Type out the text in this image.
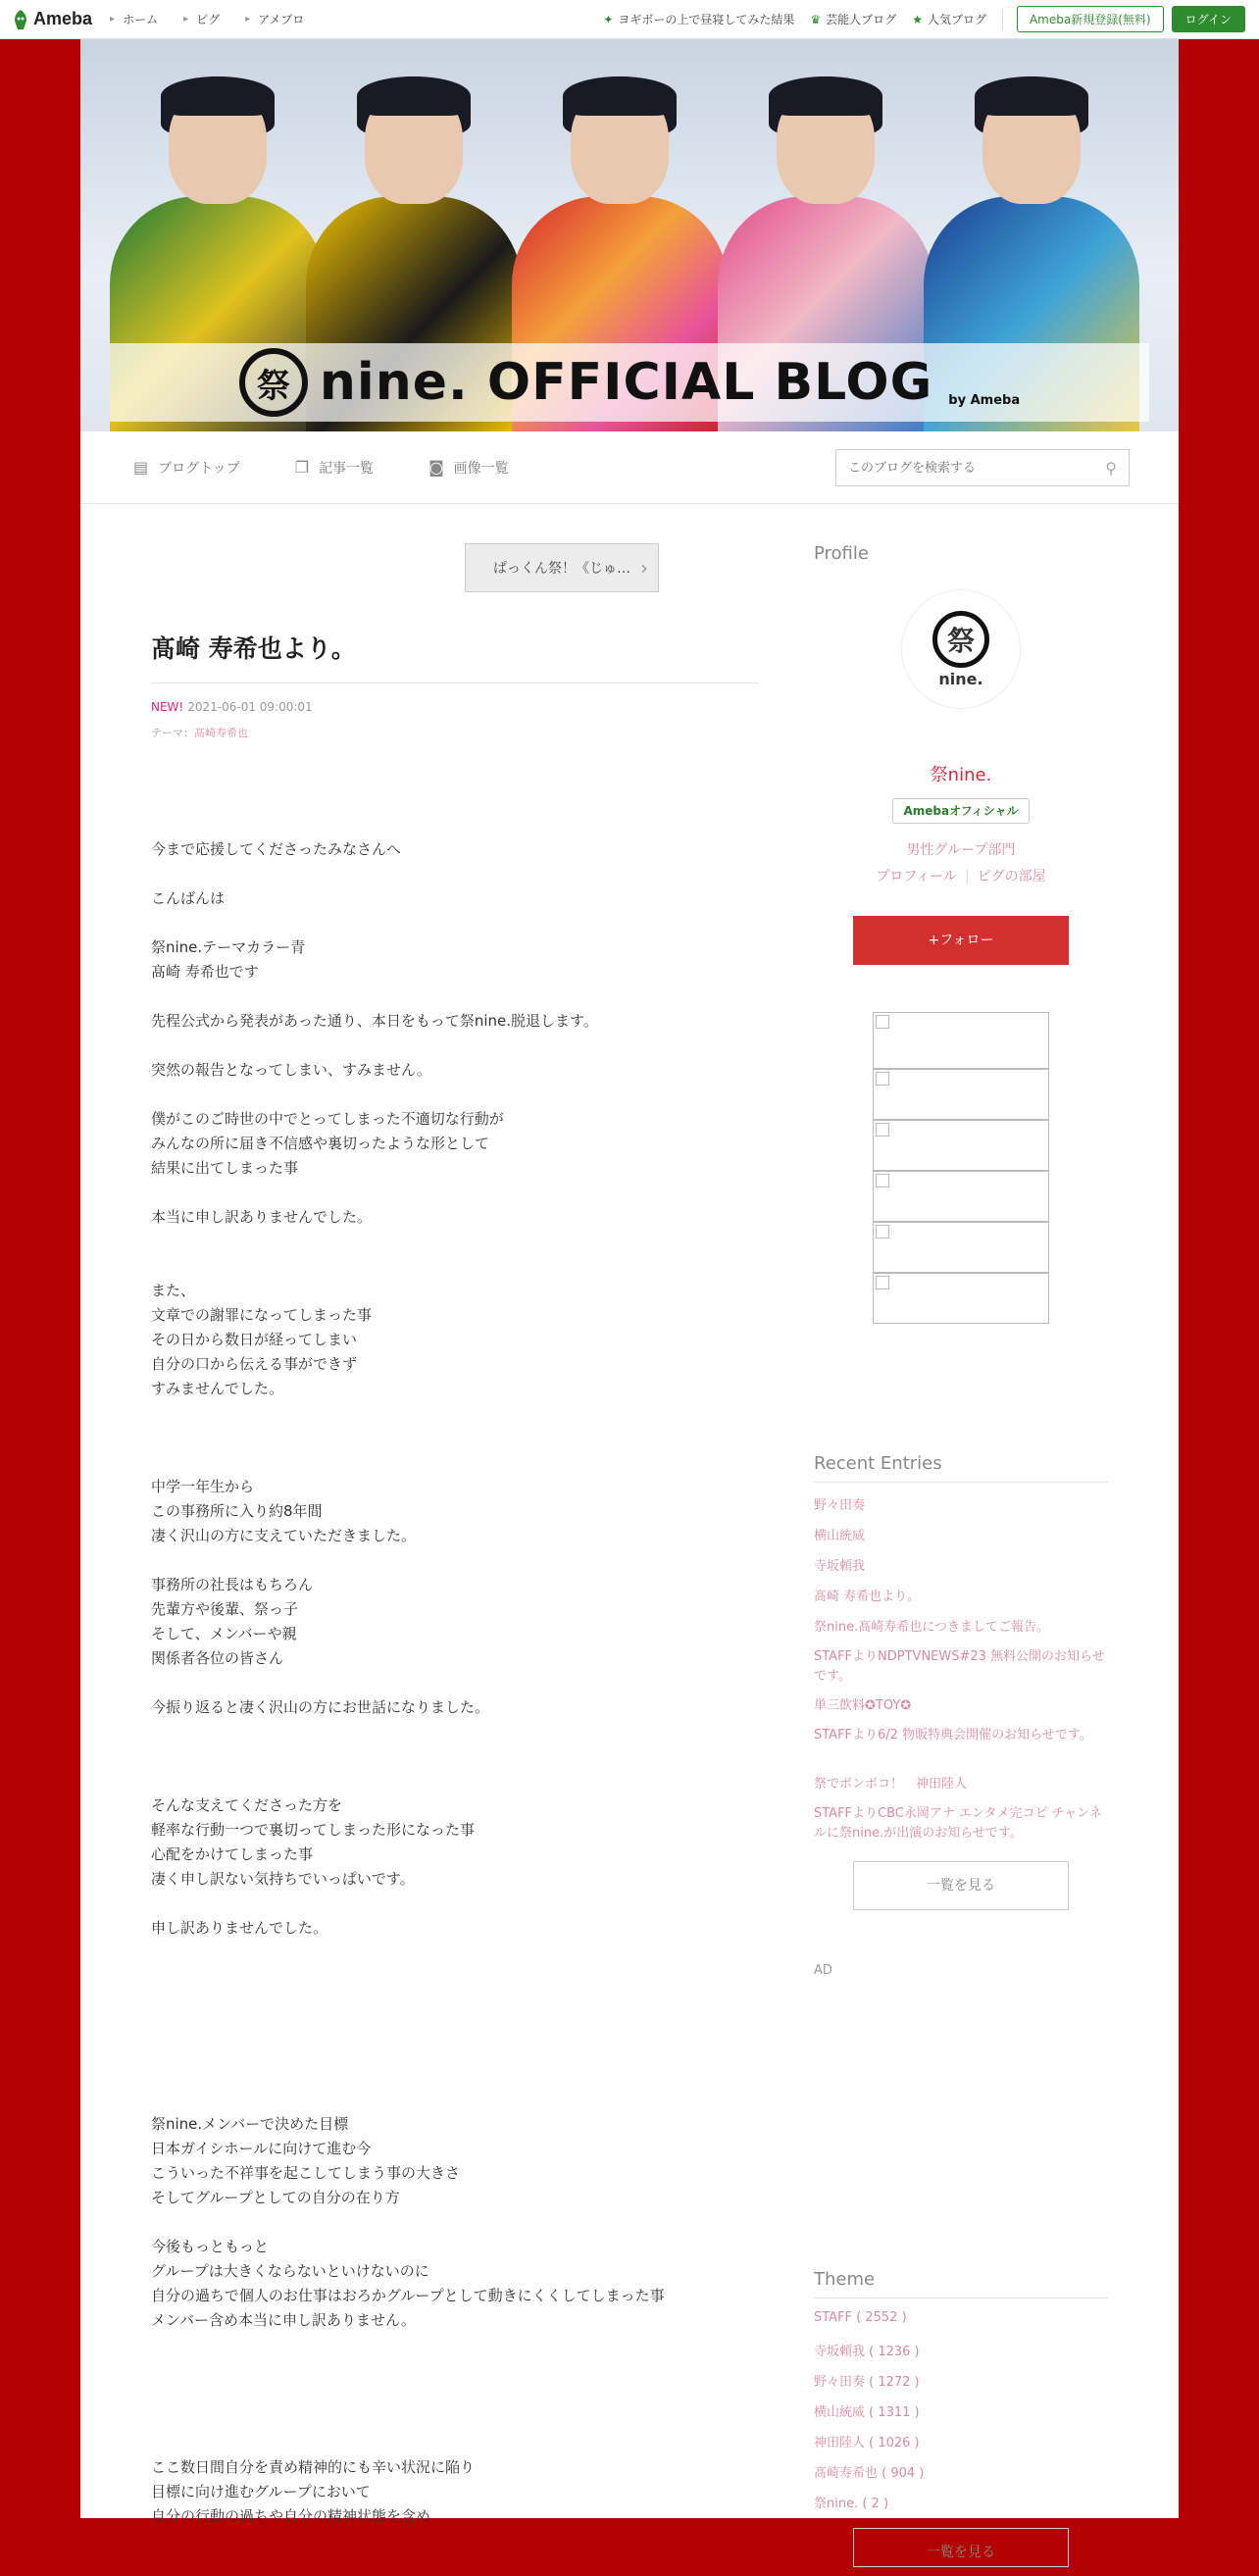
Ameba	▸ ホーム	▸ ピグ	▸ アメブロ	✦ ヨギボーの上で昼寝してみた結果 ♛ 芸能人ブログ ★ 人気ブログ	Ameba新規登録(無料)	ログイン
祭 nine. OFFICIAL BLOG by Ameba
▤ ブログトップ	❐ 記事一覧	◙ 画像一覧
このブログを検索する	⚲
ぱっくん祭！《じゅ… ›
髙崎 寿希也より。
NEW! 2021-06-01 09:00:01
テーマ：髙崎寿希也
今まで応援してくださったみなさんへ
こんばんは
祭nine.テーマカラー青
髙崎 寿希也です
先程公式から発表があった通り、本日をもって祭nine.脱退します。
突然の報告となってしまい、すみません。
僕がこのご時世の中でとってしまった不適切な行動が
みんなの所に届き不信感や裏切ったような形として
結果に出てしまった事
本当に申し訳ありませんでした。
また、
文章での謝罪になってしまった事
その日から数日が経ってしまい
自分の口から伝える事ができず
すみませんでした。
中学一年生から
この事務所に入り約8年間
凄く沢山の方に支えていただきました。
事務所の社長はもちろん
先輩方や後輩、祭っ子
そして、メンバーや親
関係者各位の皆さん
今振り返ると凄く沢山の方にお世話になりました。
そんな支えてくださった方を
軽率な行動一つで裏切ってしまった形になった事
心配をかけてしまった事
凄く申し訳ない気持ちでいっぱいです。
申し訳ありませんでした。
祭nine.メンバーで決めた目標
日本ガイシホールに向けて進む今
こういった不祥事を起こしてしまう事の大きさ
そしてグループとしての自分の在り方
今後もっともっと
グループは大きくならないといけないのに
自分の過ちで個人のお仕事はおろかグループとして動きにくくしてしまった事
メンバー含め本当に申し訳ありません。
ここ数日間自分を責め精神的にも辛い状況に陥り
目標に向け進むグループにおいて
自分の行動の過ちや自分の精神状態を含め
Profile
祭
nine.
祭nine.
Amebaオフィシャル
男性グループ部門
プロフィール | ピグの部屋
+フォロー
Recent Entries
野々田奏
横山統威
寺坂頼我
髙崎 寿希也より。
祭nine.髙崎寿希也につきましてご報告。
STAFFよりNDPTVNEWS#23 無料公開のお知らせです。
単三飲料✪TOY✪
STAFFより6/2 物販特典会開催のお知らせです。
祭でボンボコ！　神田陸人
STAFFよりCBC永岡アナ エンタメ完コピ チャンネルに祭nine.が出演のお知らせです。
一覧を見る
AD
Theme
STAFF ( 2552 )
寺坂頼我 ( 1236 )
野々田奏 ( 1272 )
横山統威 ( 1311 )
神田陸人 ( 1026 )
髙崎寿希也 ( 904 )
祭nine. ( 2 )
一覧を見る
